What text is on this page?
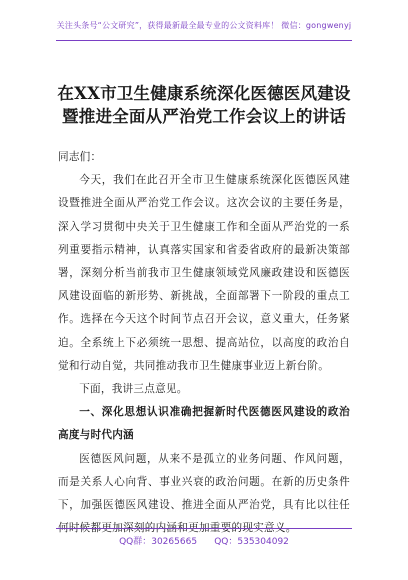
关注头条号“公文研究”，获得最新最全最专业的公文资料库！ 微信：gongwenyj
在XX市卫生健康系统深化医德医风建设
暨推进全面从严治党工作会议上的讲话

同志们：

今天，我们在此召开全市卫生健康系统深化医德医风建设暨推进全面从严治党工作会议。这次会议的主要任务是，深入学习贯彻中央关于卫生健康工作和全面从严治党的一系列重要指示精神，认真落实国家和省委省政府的最新决策部署，深刻分析当前我市卫生健康领域党风廉政建设和医德医风建设面临的新形势、新挑战，全面部署下一阶段的重点工作。选择在今天这个时间节点召开会议，意义重大，任务紧迫。全系统上下必须统一思想、提高站位，以高度的政治自觉和行动自觉，共同推动我市卫生健康事业迈上新台阶。

下面，我讲三点意见。

一、深化思想认识准确把握新时代医德医风建设的政治高度与时代内涵

医德医风问题，从来不是孤立的业务问题、作风问题，而是关系人心向背、事业兴衰的政治问题。在新的历史条件下，加强医德医风建设、推进全面从严治党，具有比以往任何时候都更加深刻的内涵和更加重要的现实意义。

QQ群：30265665      QQ：535304092
